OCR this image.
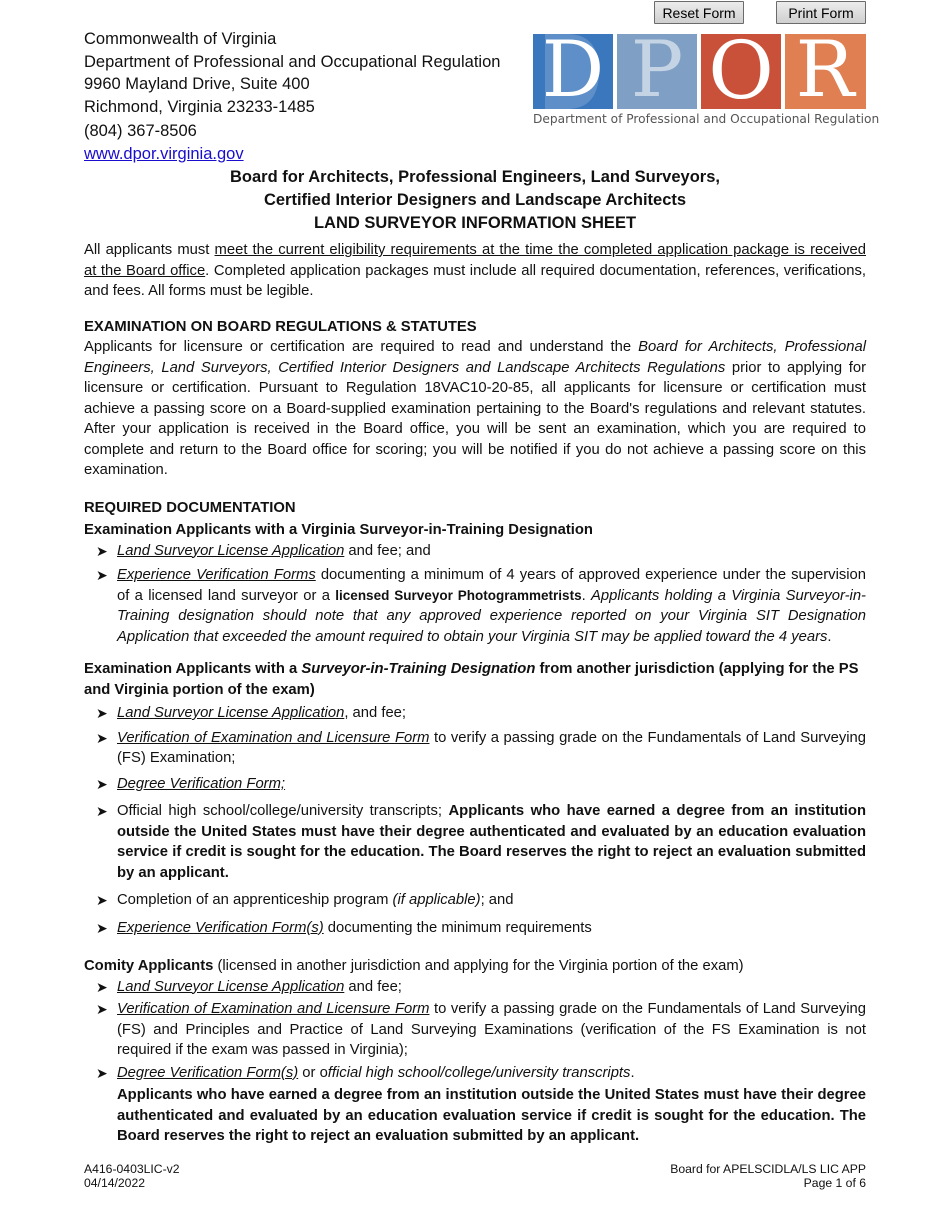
Reset Form	Print Form
Commonwealth of Virginia
Department of Professional and Occupational Regulation
9960 Mayland Drive, Suite 400
Richmond, Virginia 23233-1485
(804) 367-8506
www.dpor.virginia.gov
D P O R
Department of Professional and Occupational Regulation
Board for Architects, Professional Engineers, Land Surveyors,
Certified Interior Designers and Landscape Architects
LAND SURVEYOR INFORMATION SHEET

All applicants must meet the current eligibility requirements at the time the completed application package is received at the Board office. Completed application packages must include all required documentation, references, verifications, and fees. All forms must be legible.

EXAMINATION ON BOARD REGULATIONS & STATUTES

Applicants for licensure or certification are required to read and understand the Board for Architects, Professional Engineers, Land Surveyors, Certified Interior Designers and Landscape Architects Regulations prior to applying for licensure or certification. Pursuant to Regulation 18VAC10-20-85, all applicants for licensure or certification must achieve a passing score on a Board-supplied examination pertaining to the Board's regulations and relevant statutes. After your application is received in the Board office, you will be sent an examination, which you are required to complete and return to the Board office for scoring; you will be notified if you do not achieve a passing score on this examination.

REQUIRED DOCUMENTATION
Examination Applicants with a Virginia Surveyor-in-Training Designation
➤ Land Surveyor License Application and fee; and
➤ Experience Verification Forms documenting a minimum of 4 years of approved experience under the supervision of a licensed land surveyor or a licensed Surveyor Photogrammetrists. Applicants holding a Virginia Surveyor-in-Training designation should note that any approved experience reported on your Virginia SIT Designation Application that exceeded the amount required to obtain your Virginia SIT may be applied toward the 4 years.
Examination Applicants with a Surveyor-in-Training Designation from another jurisdiction (applying for the PS and Virginia portion of the exam)
➤ Land Surveyor License Application, and fee;
➤ Verification of Examination and Licensure Form to verify a passing grade on the Fundamentals of Land Surveying (FS) Examination;
➤ Degree Verification Form;
➤ Official high school/college/university transcripts; Applicants who have earned a degree from an institution outside the United States must have their degree authenticated and evaluated by an education evaluation service if credit is sought for the education. The Board reserves the right to reject an evaluation submitted by an applicant.
➤ Completion of an apprenticeship program (if applicable); and
➤ Experience Verification Form(s) documenting the minimum requirements
Comity Applicants (licensed in another jurisdiction and applying for the Virginia portion of the exam)
➤ Land Surveyor License Application and fee;
➤ Verification of Examination and Licensure Form to verify a passing grade on the Fundamentals of Land Surveying (FS) and Principles and Practice of Land Surveying Examinations (verification of the FS Examination is not required if the exam was passed in Virginia);
➤ Degree Verification Form(s) or official high school/college/university transcripts.

Applicants who have earned a degree from an institution outside the United States must have their degree authenticated and evaluated by an education evaluation service if credit is sought for the education. The Board reserves the right to reject an evaluation submitted by an applicant.

A416-0403LIC-v2
04/14/2022
Board for APELSCIDLA/LS LIC APP
Page 1 of 6
